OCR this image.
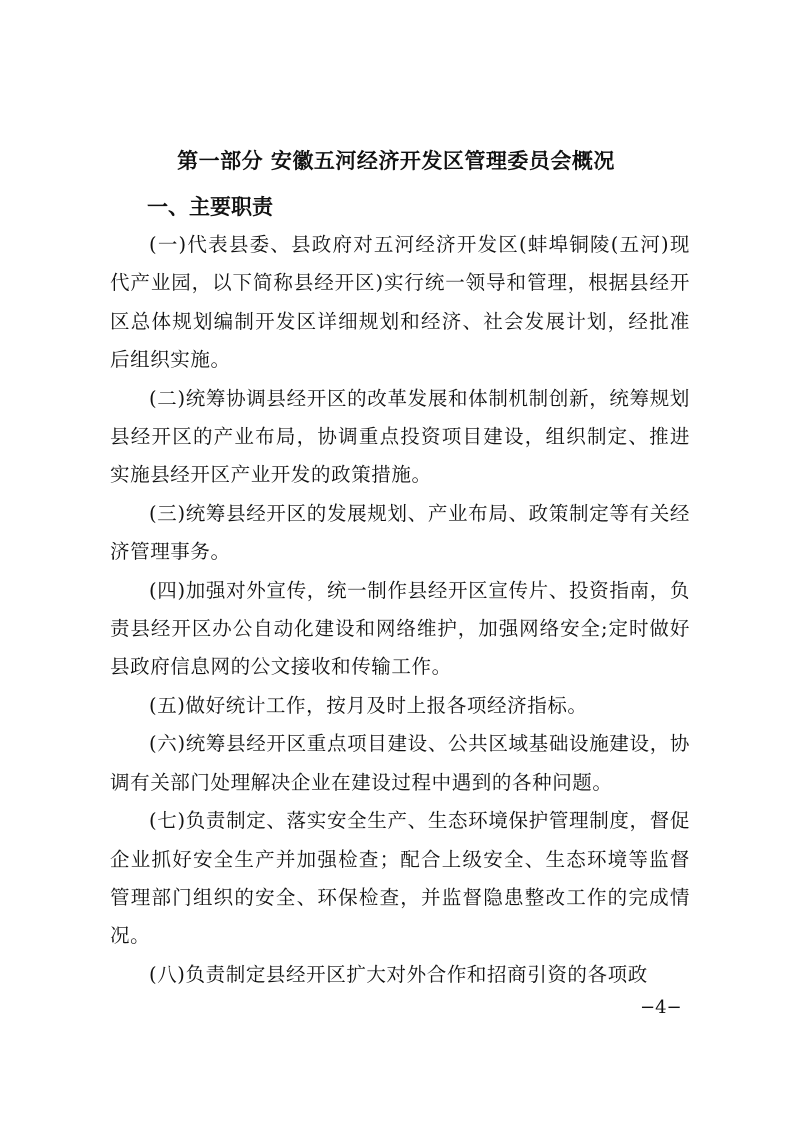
第一部分 安徽五河经济开发区管理委员会概况
一、主要职责

(一)代表县委、县政府对五河经济开发区(蚌埠铜陵(五河)现代产业园，以下简称县经开区)实行统一领导和管理，根据县经开区总体规划编制开发区详细规划和经济、社会发展计划，经批准后组织实施。

(二)统筹协调县经开区的改革发展和体制机制创新，统筹规划县经开区的产业布局，协调重点投资项目建设，组织制定、推进实施县经开区产业开发的政策措施。

(三)统筹县经开区的发展规划、产业布局、政策制定等有关经济管理事务。

(四)加强对外宣传，统一制作县经开区宣传片、投资指南，负责县经开区办公自动化建设和网络维护，加强网络安全;定时做好县政府信息网的公文接收和传输工作。

(五)做好统计工作，按月及时上报各项经济指标。

(六)统筹县经开区重点项目建设、公共区域基础设施建设，协调有关部门处理解决企业在建设过程中遇到的各种问题。

(七)负责制定、落实安全生产、生态环境保护管理制度，督促企业抓好安全生产并加强检查；配合上级安全、生态环境等监督管理部门组织的安全、环保检查，并监督隐患整改工作的完成情况。

(八)负责制定县经开区扩大对外合作和招商引资的各项政

−4−
